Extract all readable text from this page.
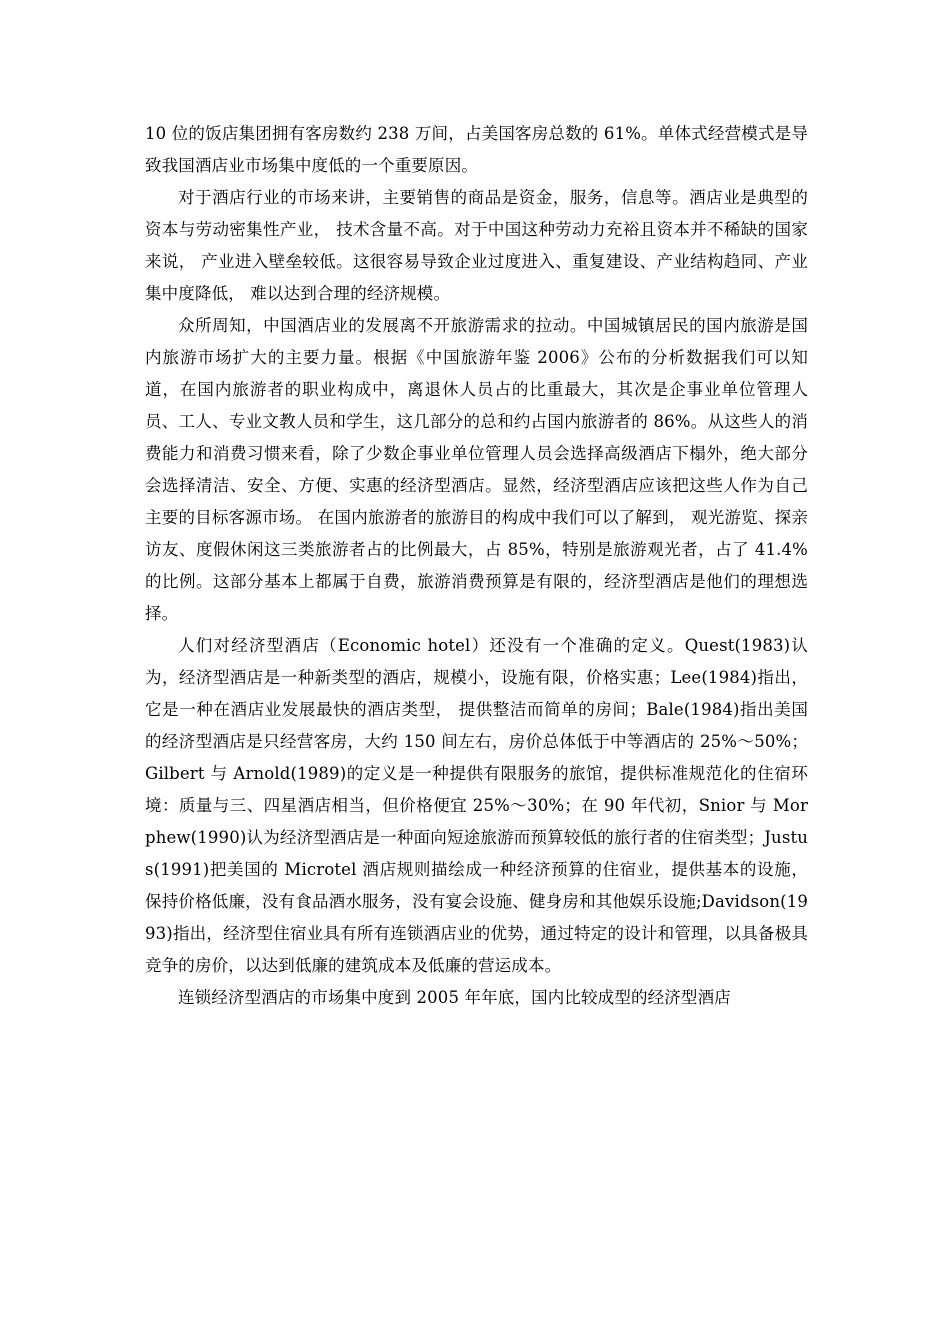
10 位的饭店集团拥有客房数约 238 万间，占美国客房总数的 61%。单体式经营模式是导致我国酒店业市场集中度低的一个重要原因。

对于酒店行业的市场来讲，主要销售的商品是资金，服务，信息等。酒店业是典型的资本与劳动密集性产业， 技术含量不高。对于中国这种劳动力充裕且资本并不稀缺的国家来说， 产业进入壁垒较低。这很容易导致企业过度进入、重复建设、产业结构趋同、产业集中度降低， 难以达到合理的经济规模。

众所周知，中国酒店业的发展离不开旅游需求的拉动。中国城镇居民的国内旅游是国内旅游市场扩大的主要力量。根据《中国旅游年鉴 2006》公布的分析数据我们可以知道，在国内旅游者的职业构成中，离退休人员占的比重最大，其次是企事业单位管理人员、工人、专业文教人员和学生，这几部分的总和约占国内旅游者的 86%。从这些人的消费能力和消费习惯来看，除了少数企事业单位管理人员会选择高级酒店下榻外，绝大部分会选择清洁、安全、方便、实惠的经济型酒店。显然，经济型酒店应该把这些人作为自己主要的目标客源市场。 在国内旅游者的旅游目的构成中我们可以了解到， 观光游览、探亲访友、度假休闲这三类旅游者占的比例最大，占 85%，特别是旅游观光者，占了 41.4%的比例。这部分基本上都属于自费，旅游消费预算是有限的，经济型酒店是他们的理想选择。

人们对经济型酒店（Economic hotel）还没有一个准确的定义。Quest(1983)认为，经济型酒店是一种新类型的酒店，规模小，设施有限，价格实惠；Lee(1984)指出， 它是一种在酒店业发展最快的酒店类型， 提供整洁而简单的房间；Bale(1984)指出美国的经济型酒店是只经营客房，大约 150 间左右，房价总体低于中等酒店的 25%～50%；Gilbert 与 Arnold(1989)的定义是一种提供有限服务的旅馆，提供标准规范化的住宿环境：质量与三、四星酒店相当，但价格便宜 25%～30%；在 90 年代初，Snior 与 Morphew(1990)认为经济型酒店是一种面向短途旅游而预算较低的旅行者的住宿类型；Justus(1991)把美国的 Microtel 酒店规则描绘成一种经济预算的住宿业，提供基本的设施，保持价格低廉，没有食品酒水服务，没有宴会设施、健身房和其他娱乐设施;Davidson(1993)指出，经济型住宿业具有所有连锁酒店业的优势，通过特定的设计和管理，以具备极具竞争的房价，以达到低廉的建筑成本及低廉的营运成本。

连锁经济型酒店的市场集中度到 2005 年年底，国内比较成型的经济型酒店
